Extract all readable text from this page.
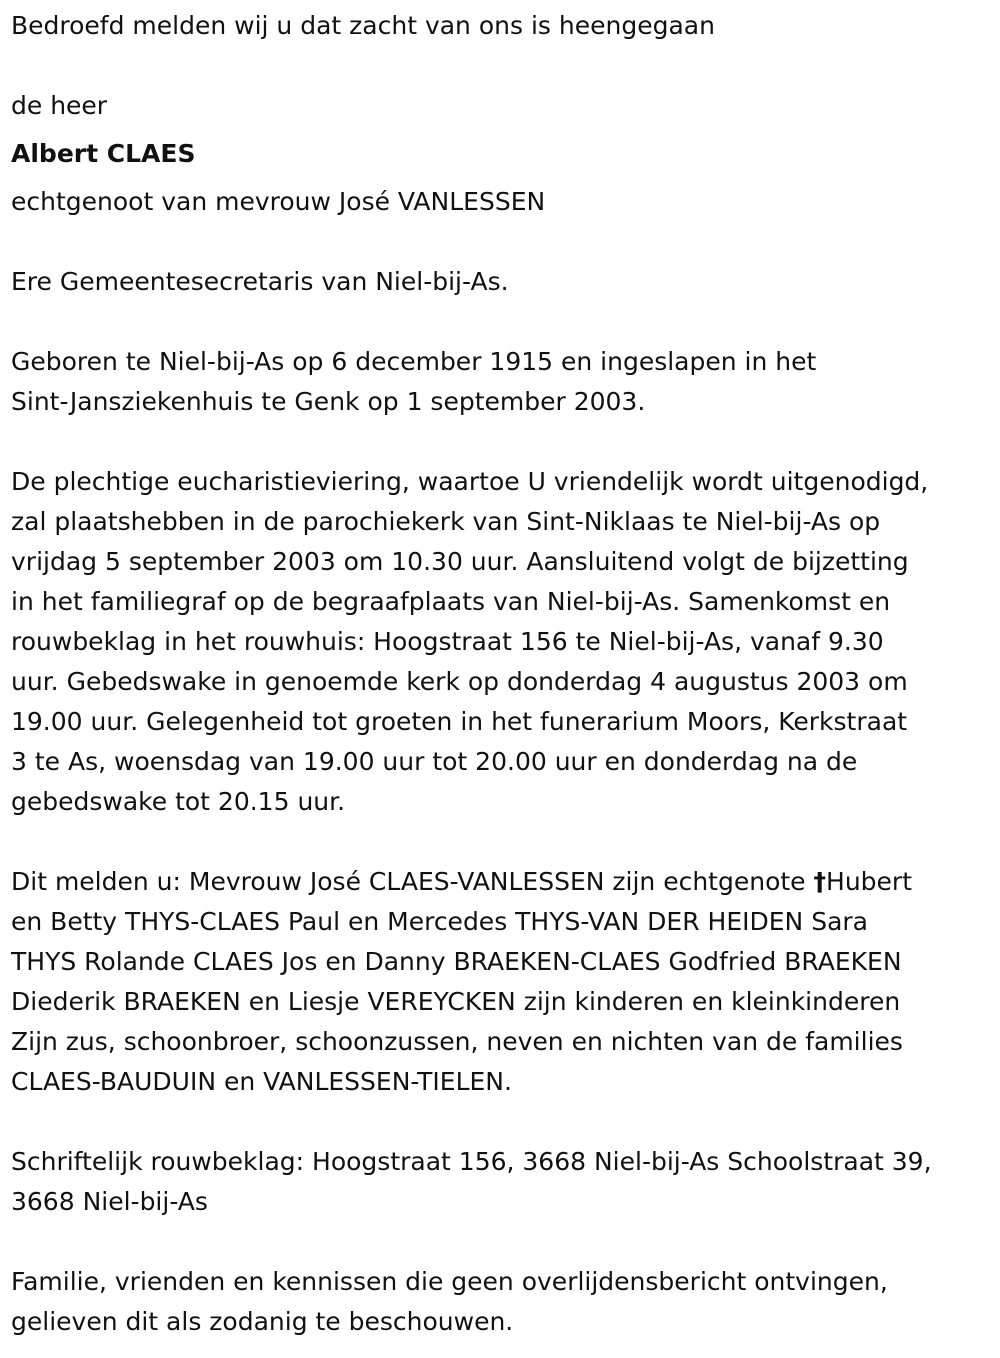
Bedroefd melden wij u dat zacht van ons is heengegaan

de heer

Albert CLAES

echtgenoot van mevrouw José VANLESSEN

Ere Gemeentesecretaris van Niel-bij-As.

Geboren te Niel-bij-As op 6 december 1915 en ingeslapen in het

Sint-Jansziekenhuis te Genk op 1 september 2003.

De plechtige eucharistieviering, waartoe U vriendelijk wordt uitgenodigd,

zal plaatshebben in de parochiekerk van Sint-Niklaas te Niel-bij-As op

vrijdag 5 september 2003 om 10.30 uur. Aansluitend volgt de bijzetting

in het familiegraf op de begraafplaats van Niel-bij-As. Samenkomst en

rouwbeklag in het rouwhuis: Hoogstraat 156 te Niel-bij-As, vanaf 9.30

uur. Gebedswake in genoemde kerk op donderdag 4 augustus 2003 om

19.00 uur. Gelegenheid tot groeten in het funerarium Moors, Kerkstraat

3 te As, woensdag van 19.00 uur tot 20.00 uur en donderdag na de

gebedswake tot 20.15 uur.

Dit melden u: Mevrouw José CLAES-VANLESSEN zijn echtgenote †Hubert

en Betty THYS-CLAES Paul en Mercedes THYS-VAN DER HEIDEN Sara

THYS Rolande CLAES Jos en Danny BRAEKEN-CLAES Godfried BRAEKEN

Diederik BRAEKEN en Liesje VEREYCKEN zijn kinderen en kleinkinderen

Zijn zus, schoonbroer, schoonzussen, neven en nichten van de families

CLAES-BAUDUIN en VANLESSEN-TIELEN.

Schriftelijk rouwbeklag: Hoogstraat 156, 3668 Niel-bij-As Schoolstraat 39,

3668 Niel-bij-As

Familie, vrienden en kennissen die geen overlijdensbericht ontvingen,

gelieven dit als zodanig te beschouwen.
